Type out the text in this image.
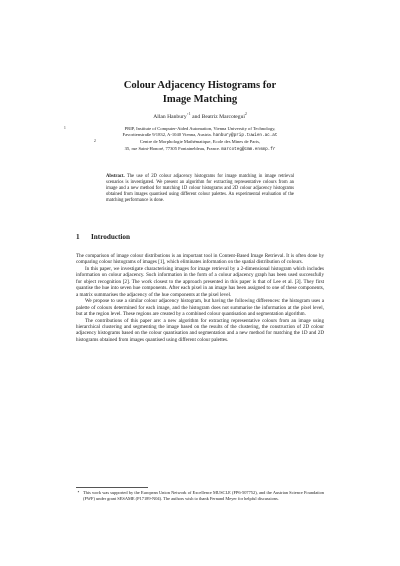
Colour Adjacency Histograms for
Image Matching
Allan Hanbury$^{⋆1}$ and Beatriz Marcotegui$^2$
1	PRIP, Institute of Computer-Aided Automation, Vienna University of Technology,
Favoritenstraße 9/1832, A-1040 Vienna, Austria. hanbury@prip.tuwien.ac.at
2	Centre de Morphologie Mathématique, Ecole des Mines de Paris,
35, rue Saint-Honoré, 77305 Fontainebleau, France. marcoteg@cmm.ensmp.fr
Abstract. The use of 2D colour adjacency histograms for image matching in image retrieval scenarios is investigated. We present an algorithm for extracting representative colours from an image and a new method for matching 1D colour histograms and 2D colour adjacency histograms obtained from images quantised using different colour palettes. An experimental evaluation of the matching performance is done.
1 Introduction

The comparison of image colour distributions is an important tool in Content-Based Image Retrieval. It is often done by comparing colour histograms of images [1], which eliminates information on the spatial distribution of colours.

In this paper, we investigate characterising images for image retrieval by a 2-dimensional histogram which includes information on colour adjacency. Such information in the form of a colour adjacency graph has been used successfully for object recognition [2]. The work closest to the approach presented in this paper is that of Lee et al. [3]. They first quantise the hue into seven hue components. After each pixel in an image has been assigned to one of these components, a matrix summarises the adjacency of the hue components at the pixel level.

We propose to use a similar colour adjacency histogram, but having the following differences: the histogram uses a palette of colours determined for each image, and the histogram does not summarise the information at the pixel level, but at the region level. These regions are created by a combined colour quantisation and segmentation algorithm.

The contributions of this paper are: a new algorithm for extracting representative colours from an image using hierarchical clustering and segmenting the image based on the results of the clustering, the construction of 2D colour adjacency histograms based on the colour quantisation and segmentation and a new method for matching the 1D and 2D histograms obtained from images quantised using different colour palettes.

⋆ This work was supported by the European Union Network of Excellence MUSCLE (FP6-507752), and the Austrian Science Foundation (FWF) under grant SESAME (P17189-N04). The authors wish to thank Fernand Meyer for helpful discussions.
